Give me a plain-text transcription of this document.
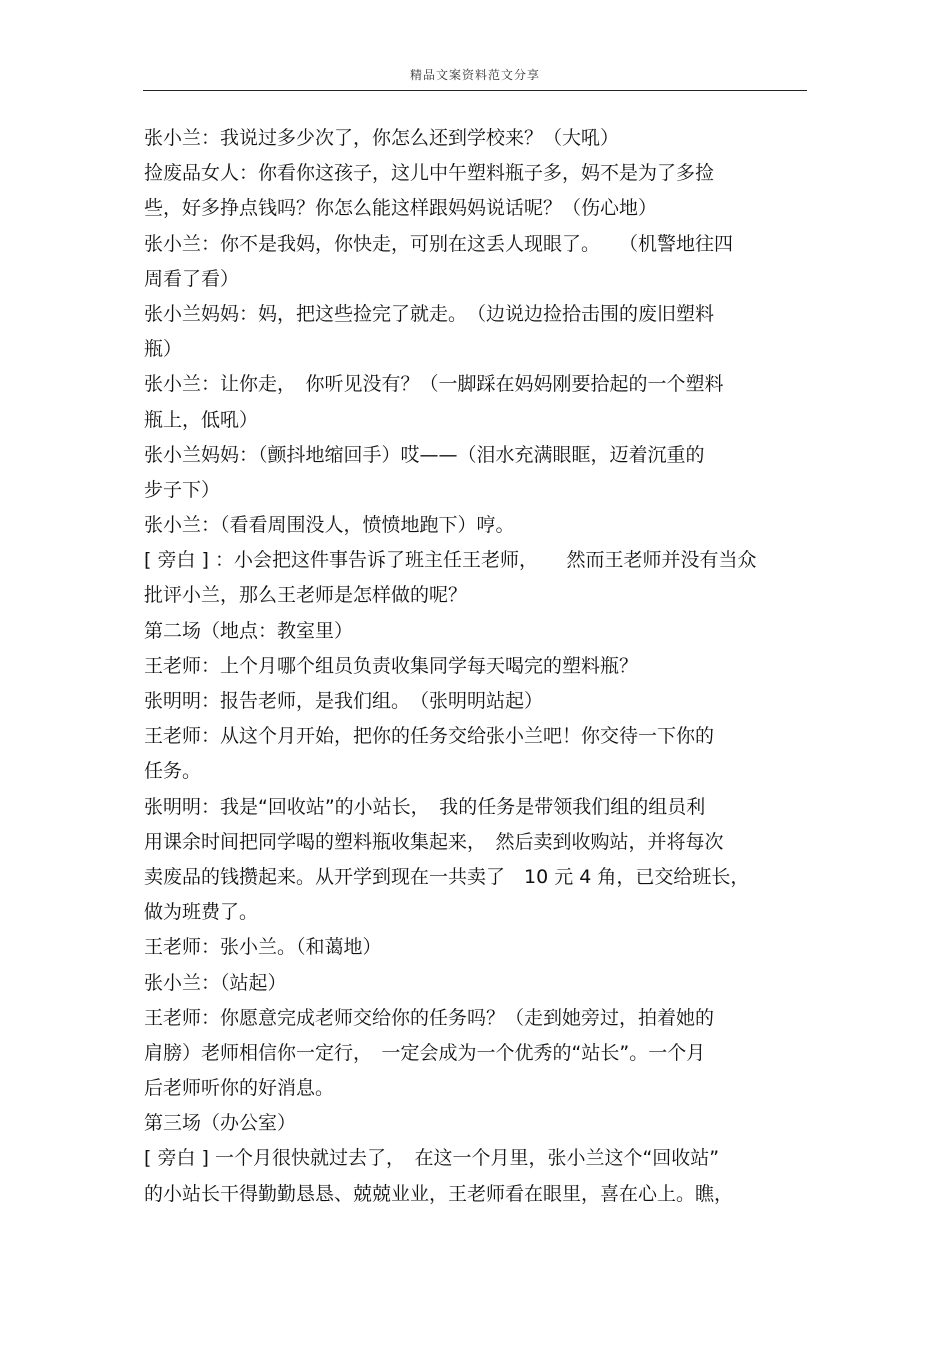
精品文案资料范文分享
张小兰：我说过多少次了，你怎么还到学校来？（大吼）
捡废品女人：你看你这孩子，这儿中午塑料瓶子多，妈不是为了多捡
些，好多挣点钱吗？你怎么能这样跟妈妈说话呢？（伤心地）
张小兰：你不是我妈，你快走，可别在这丢人现眼了。　　（机警地往四
周看了看）
张小兰妈妈：妈，把这些捡完了就走。　（边说边捡拾击围的废旧塑料
瓶）
张小兰：让你走，　你听见没有？（一脚踩在妈妈刚要拾起的一个塑料
瓶上，低吼）
张小兰妈妈：（颤抖地缩回手）哎——（泪水充满眼眶，迈着沉重的
步子下）
张小兰：（看看周围没人，愤愤地跑下）哼。
[ 旁白 ] ：小会把这件事告诉了班主任王老师，　　然而王老师并没有当众
批评小兰，那么王老师是怎样做的呢？
第二场（地点：教室里）
王老师：上个月哪个组员负责收集同学每天喝完的塑料瓶？
张明明：报告老师，是我们组。　（张明明站起）
王老师：从这个月开始，把你的任务交给张小兰吧！你交待一下你的
任务。
张明明：我是“回收站”的小站长，　我的任务是带领我们组的组员利
用课余时间把同学喝的塑料瓶收集起来，　然后卖到收购站，并将每次
卖废品的钱攒起来。从开学到现在一共卖了　10 元 4 角，已交给班长，
做为班费了。
王老师：张小兰。（和蔼地）
张小兰：（站起）
王老师：你愿意完成老师交给你的任务吗？（走到她旁过，拍着她的
肩膀）老师相信你一定行，　一定会成为一个优秀的“站长”。一个月
后老师听你的好消息。
第三场（办公室）
[ 旁白 ] 一个月很快就过去了，　在这一个月里，张小兰这个“回收站”
的小站长干得勤勤恳恳、兢兢业业，王老师看在眼里，喜在心上。瞧，
